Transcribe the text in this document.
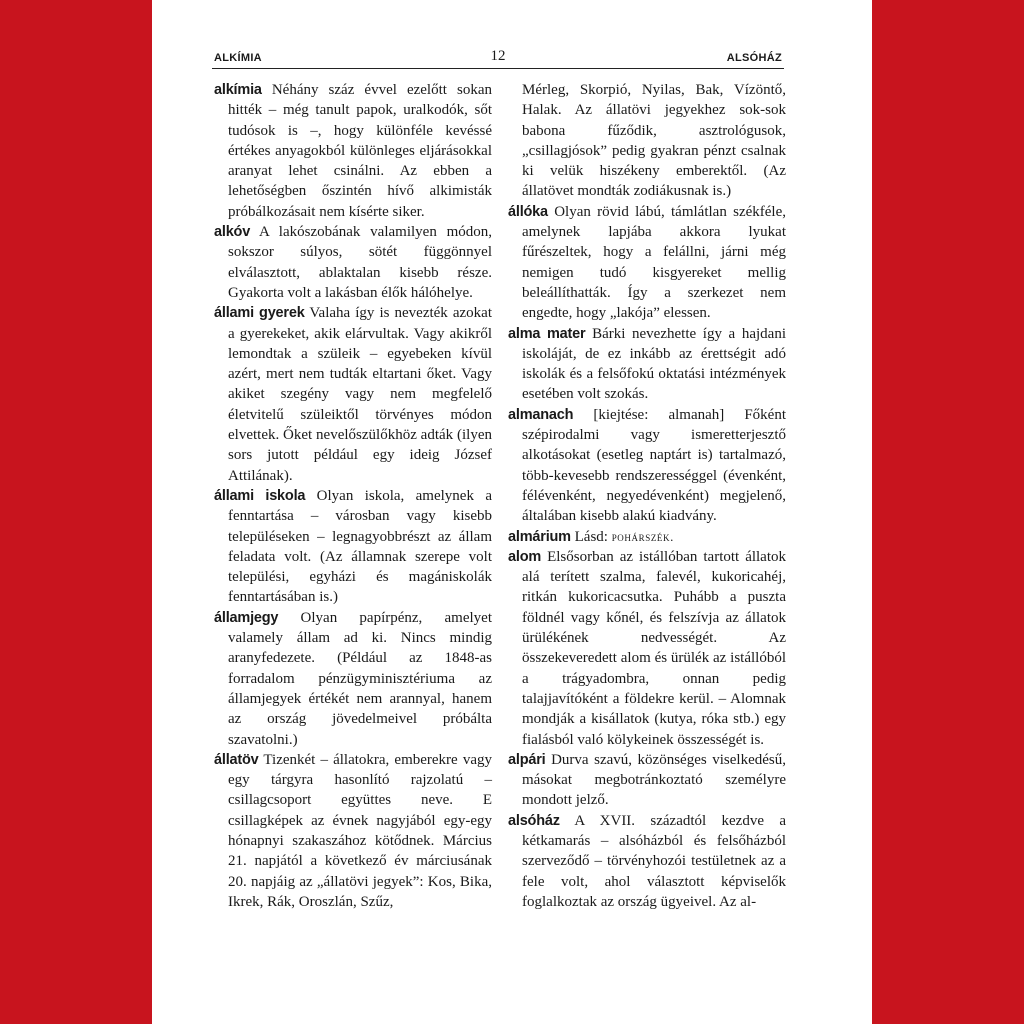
ALKÍMIA	12	ALSÓHÁZ

alkímia Néhány száz évvel ezelőtt sokan hitték – még tanult papok, uralkodók, sőt tudósok is –, hogy különféle kevéssé értékes anyagokból különleges eljárásokkal aranyat lehet csinálni. Az ebben a lehetőségben őszintén hívő alkimisták próbálkozásait nem kísérte siker.

alkóv A lakószobának valamilyen módon, sokszor súlyos, sötét függönnyel elválasztott, ablaktalan kisebb része. Gyakorta volt a lakásban élők hálóhelye.

állami gyerek Valaha így is nevezték azokat a gyerekeket, akik elárvultak. Vagy akikről lemondtak a szüleik – egyebeken kívül azért, mert nem tudták eltartani őket. Vagy akiket szegény vagy nem megfelelő életvitelű szüleiktől törvényes módon elvettek. Őket nevelőszülőkhöz adták (ilyen sors jutott például egy ideig József Attilának).

állami iskola Olyan iskola, amelynek a fenntartása – városban vagy kisebb településeken – legnagyobbrészt az állam feladata volt. (Az államnak szerepe volt települési, egyházi és magániskolák fenntartásában is.)

államjegy Olyan papírpénz, amelyet valamely állam ad ki. Nincs mindig aranyfedezete. (Például az 1848-as forradalom pénzügyminisztériuma az államjegyek értékét nem arannyal, hanem az ország jövedelmeivel próbálta szavatolni.)

állatöv Tizenkét – állatokra, emberekre vagy egy tárgyra hasonlító rajzolatú – csillagcsoport együttes neve. E csillagképek az évnek nagyjából egy-egy hónapnyi szakaszához kötődnek. Március 21. napjától a következő év márciusának 20. napjáig az „állatövi jegyek”: Kos, Bika, Ikrek, Rák, Oroszlán, Szűz,

Mérleg, Skorpió, Nyilas, Bak, Vízöntő, Halak. Az állatövi jegyekhez sok-sok babona fűződik, asztrológusok, „csillagjósok” pedig gyakran pénzt csalnak ki velük hiszékeny emberektől. (Az állatövet mondták zodiákusnak is.)

állóka Olyan rövid lábú, támlátlan székféle, amelynek lapjába akkora lyukat fűrészeltek, hogy a felállni, járni még nemigen tudó kisgyereket mellig beleállíthatták. Így a szerkezet nem engedte, hogy „lakója” elessen.

alma mater Bárki nevezhette így a hajdani iskoláját, de ez inkább az érettségit adó iskolák és a felsőfokú oktatási intézmények esetében volt szokás.

almanach [kiejtése: almanah] Főként szépirodalmi vagy ismeretterjesztő alkotásokat (esetleg naptárt is) tartalmazó, több-kevesebb rendszerességgel (évenként, félévenként, negyedévenként) megjelenő, általában kisebb alakú kiadvány.

almárium Lásd: pohárszék.

alom Elsősorban az istállóban tartott állatok alá terített szalma, falevél, kukoricahéj, ritkán kukoricacsutka. Puhább a puszta földnél vagy kőnél, és felszívja az állatok ürülékének nedvességét. Az összekeveredett alom és ürülék az istállóból a trágyadombra, onnan pedig talajjavítóként a földekre kerül. – Alomnak mondják a kisállatok (kutya, róka stb.) egy fialásból való kölykeinek összességét is.

alpári Durva szavú, közönséges viselkedésű, másokat megbotránkoztató személyre mondott jelző.

alsóház A XVII. századtól kezdve a kétkamarás – alsóházból és felsőházból szerveződő – törvényhozói testületnek az a fele volt, ahol választott képviselők foglalkoztak az ország ügyeivel. Az al-
